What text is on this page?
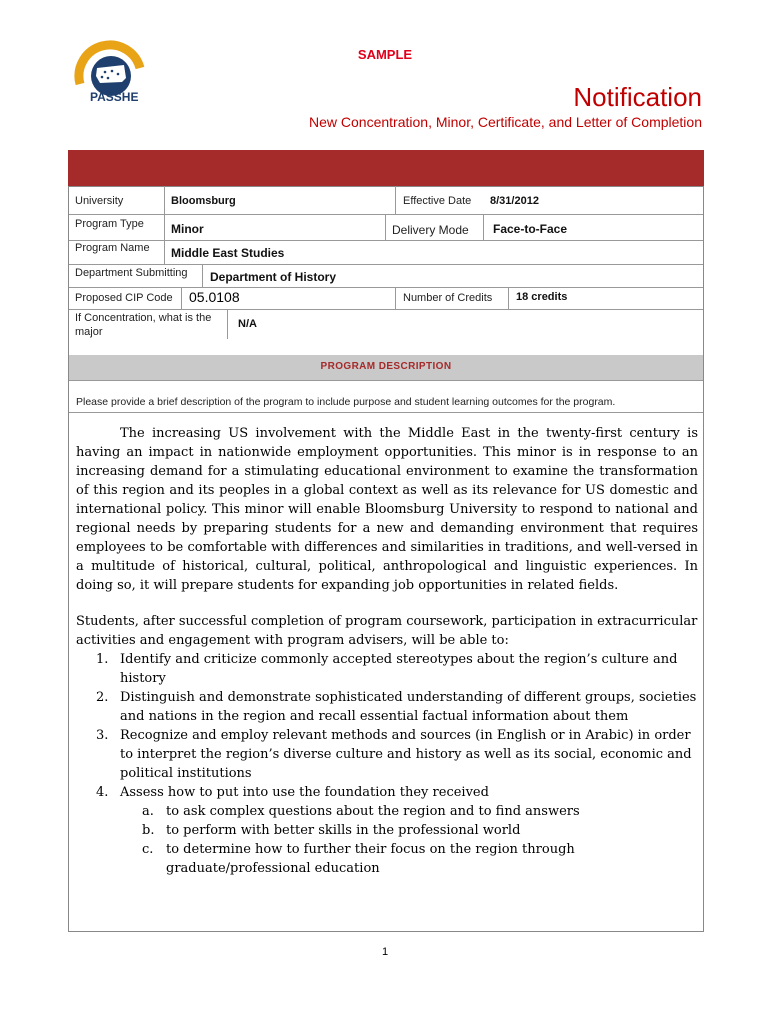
SAMPLE
PASSHE	Notification
New Concentration, Minor, Certificate, and Letter of Completion
University	Bloomsburg	Effective Date 8/31/2012
Program Type Minor	Delivery Mode Face-to-Face
Program Name Middle East Studies
Department Submitting Department of History
Proposed CIP Code 05.0108	Number of Credits 18 credits
If Concentration, what is the
major
N/A
PROGRAM DESCRIPTION
Please provide a brief description of the program to include purpose and student learning outcomes for the program.

The increasing US involvement with the Middle East in the twenty-first century is having an impact in nationwide employment opportunities. This minor is in response to an increasing demand for a stimulating educational environment to examine the transformation of this region and its peoples in a global context as well as its relevance for US domestic and international policy. This minor will enable Bloomsburg University to respond to national and regional needs by preparing students for a new and demanding environment that requires employees to be comfortable with differences and similarities in traditions, and well-versed in a multitude of historical, cultural, political, anthropological and linguistic experiences. In doing so, it will prepare students for expanding job opportunities in related fields.

Students, after successful completion of program coursework, participation in extracurricular activities and engagement with program advisers, will be able to:

1. Identify and criticize commonly accepted stereotypes about the region’s culture and history
2. Distinguish and demonstrate sophisticated understanding of different groups, societies and nations in the region and recall essential factual information about them
3. Recognize and employ relevant methods and sources (in English or in Arabic) in order to interpret the region’s diverse culture and history as well as its social, economic and political institutions
4. Assess how to put into use the foundation they received
a. to ask complex questions about the region and to find answers
b. to perform with better skills in the professional world
c. to determine how to further their focus on the region through graduate/professional education
1
